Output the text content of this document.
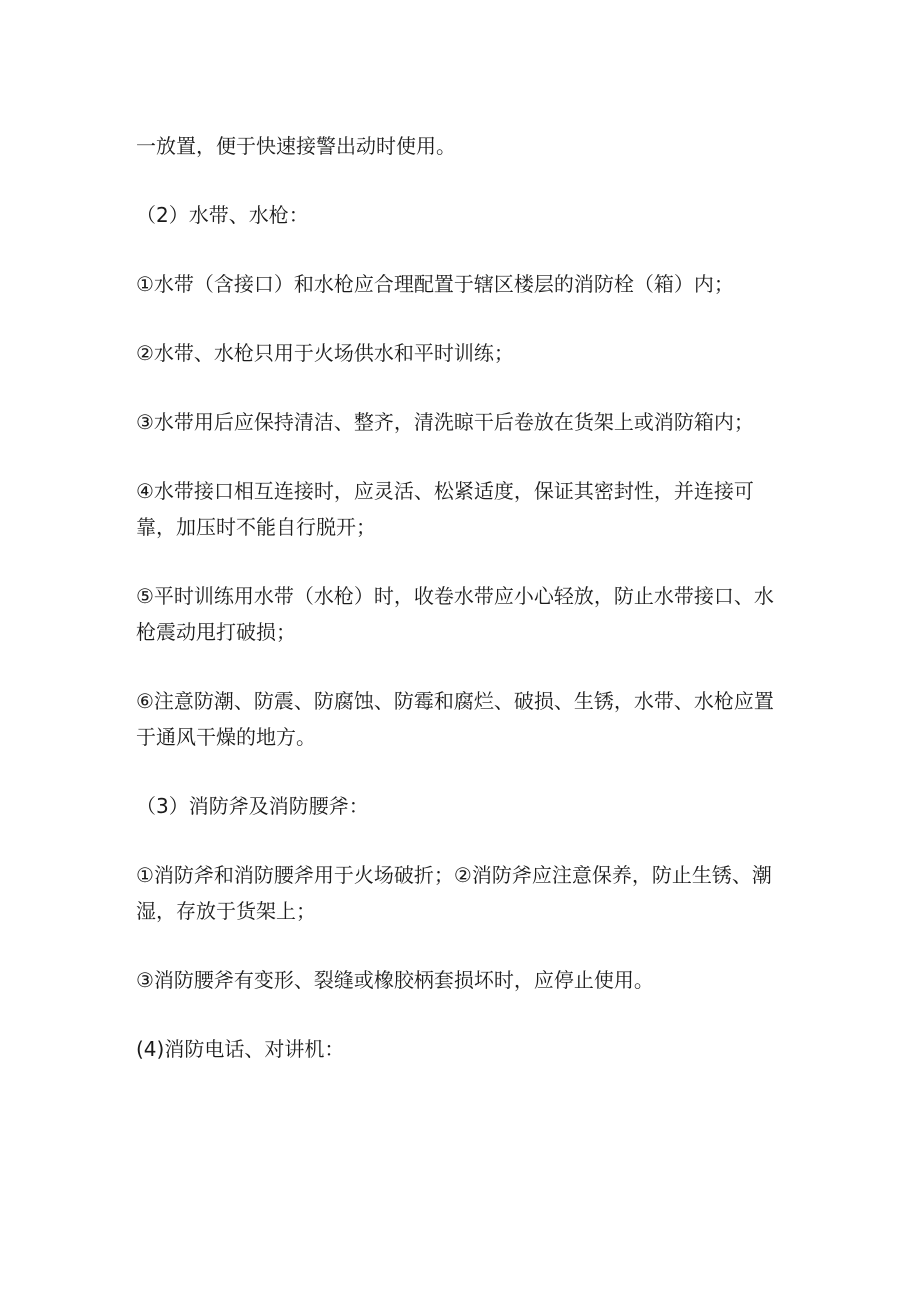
一放置，便于快速接警出动时使用。

（2）水带、水枪：

①水带（含接口）和水枪应合理配置于辖区楼层的消防栓（箱）内；

②水带、水枪只用于火场供水和平时训练；

③水带用后应保持清洁、整齐，清洗晾干后卷放在货架上或消防箱内；

④水带接口相互连接时，应灵活、松紧适度，保证其密封性，并连接可靠，加压时不能自行脱开；

⑤平时训练用水带（水枪）时，收卷水带应小心轻放，防止水带接口、水枪震动甩打破损；

⑥注意防潮、防震、防腐蚀、防霉和腐烂、破损、生锈，水带、水枪应置于通风干燥的地方。

（3）消防斧及消防腰斧：

①消防斧和消防腰斧用于火场破折；②消防斧应注意保养，防止生锈、潮湿，存放于货架上；

③消防腰斧有变形、裂缝或橡胶柄套损坏时，应停止使用。

(4)消防电话、对讲机：
